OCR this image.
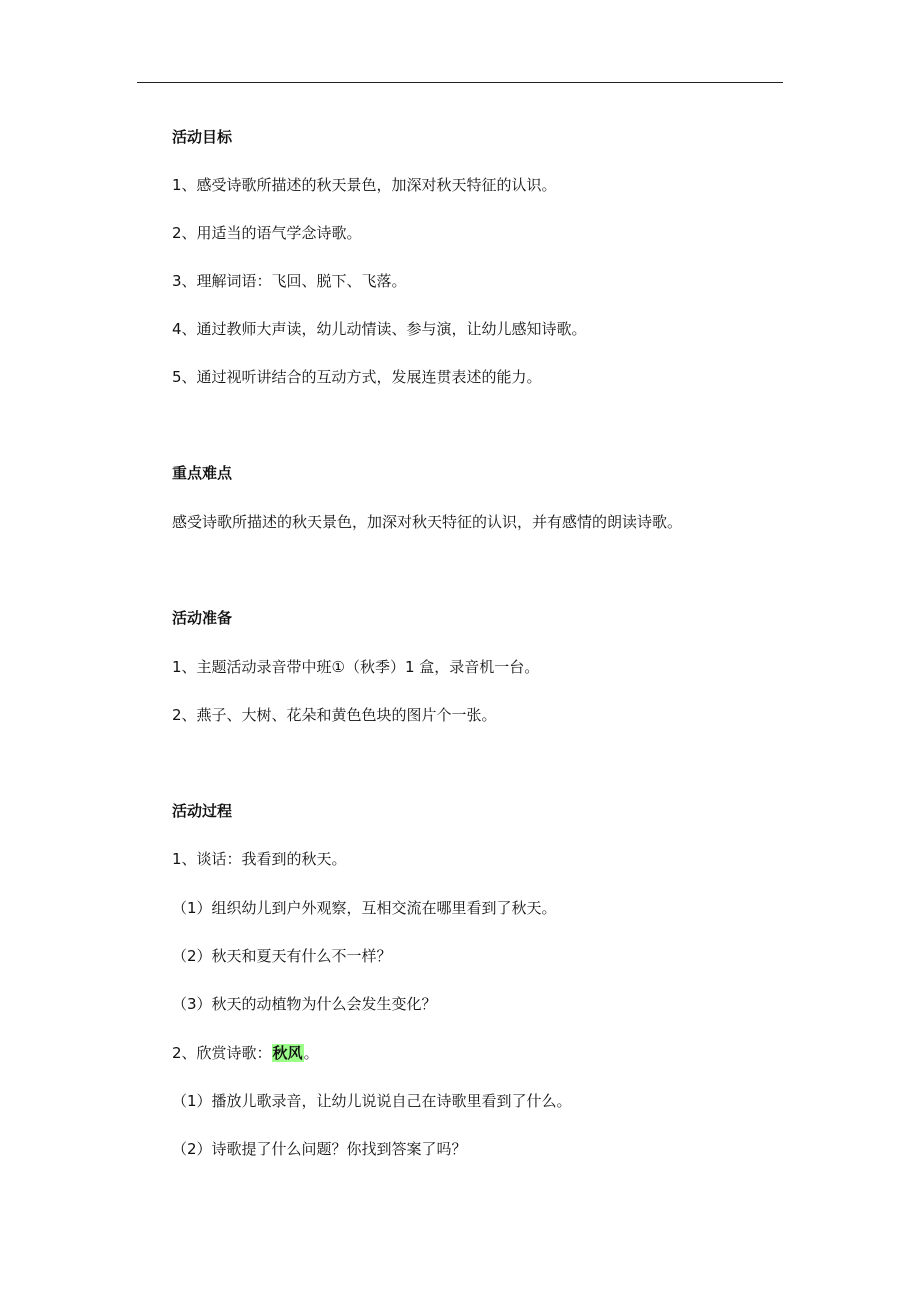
活动目标
1、感受诗歌所描述的秋天景色，加深对秋天特征的认识。
2、用适当的语气学念诗歌。
3、理解词语：飞回、脱下、飞落。
4、通过教师大声读，幼儿动情读、参与演，让幼儿感知诗歌。
5、通过视听讲结合的互动方式，发展连贯表述的能力。
重点难点
感受诗歌所描述的秋天景色，加深对秋天特征的认识，并有感情的朗读诗歌。
活动准备
1、主题活动录音带中班①（秋季）1 盒，录音机一台。
2、燕子、大树、花朵和黄色色块的图片个一张。
活动过程
1、谈话：我看到的秋天。
（1）组织幼儿到户外观察，互相交流在哪里看到了秋天。
（2）秋天和夏天有什么不一样？
（3）秋天的动植物为什么会发生变化？
2、欣赏诗歌：秋风。
（1）播放儿歌录音，让幼儿说说自己在诗歌里看到了什么。
（2）诗歌提了什么问题？你找到答案了吗？
